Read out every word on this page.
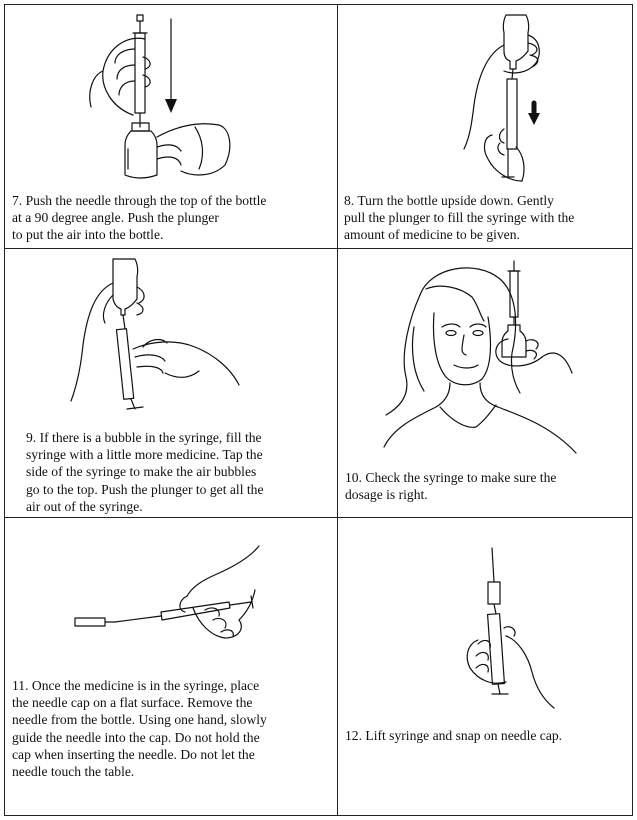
7. Push the needle through the top of the bottle
at a 90 degree angle. Push the plunger
to put the air into the bottle.
8. Turn the bottle upside down. Gently
pull the plunger to fill the syringe with the
amount of medicine to be given.
9. If there is a bubble in the syringe, fill the
syringe with a little more medicine. Tap the
side of the syringe to make the air bubbles
go to the top. Push the plunger to get all the
air out of the syringe.
10. Check the syringe to make sure the
dosage is right.
11. Once the medicine is in the syringe, place
the needle cap on a flat surface. Remove the
needle from the bottle. Using one hand, slowly
guide the needle into the cap. Do not hold the
cap when inserting the needle. Do not let the
needle touch the table.
12. Lift syringe and snap on needle cap.
